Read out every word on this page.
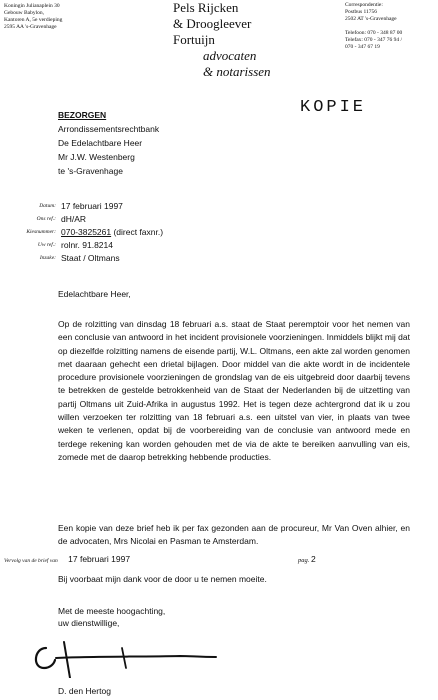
Koningin Julianaplein 30
Gebouw Babylon,
Kantoren A, 5e verdieping
2595 AA 's-Gravenhage
Pels Rijcken
& Droogleever
Fortuijn
advocaten
& notarissen
Correspondentie:
Postbus 11756
2502 AT 's-Gravenhage
Telefoon: 070 - 348 87 00
Telefax: 070 - 347 76 94 /
070 - 347 67 19
KOPIE
BEZORGEN
Arrondissementsrechtbank
De Edelachtbare Heer
Mr J.W. Westenberg
te 's-Gravenhage
Datum: 17 februari 1997
Ons ref.: dH/AR
Kiesnummer: 070-3825261 (direct faxnr.)
Uw ref.: rolnr. 91.8214
Inzake: Staat / Oltmans
Edelachtbare Heer,
Op de rolzitting van dinsdag 18 februari a.s. staat de Staat peremptoir voor het nemen van een conclusie van antwoord in het incident provisionele voorzieningen. Inmiddels blijkt mij dat op diezelfde rolzitting namens de eisende partij, W.L. Oltmans, een akte zal worden genomen met daaraan gehecht een drietal bijlagen. Door middel van die akte wordt in de incidentele procedure provisionele voorzieningen de grondslag van de eis uitgebreid door daarbij tevens te betrekken de gestelde betrokkenheid van de Staat der Nederlanden bij de uitzetting van partij Oltmans uit Zuid-Afrika in augustus 1992. Het is tegen deze achtergrond dat ik u zou willen verzoeken ter rolzitting van 18 februari a.s. een uitstel van vier, in plaats van twee weken te verlenen, opdat bij de voorbereiding van de conclusie van antwoord mede en terdege rekening kan worden gehouden met de via de akte te bereiken aanvulling van eis, zomede met de daarop betrekking hebbende producties.
Een kopie van deze brief heb ik per fax gezonden aan de procureur, Mr Van Oven alhier, en de advocaten, Mrs Nicolai en Pasman te Amsterdam.
Vervolg van de brief van 17 februari 1997	pag. 2
Bij voorbaat mijn dank voor de door u te nemen moeite.
Met de meeste hoogachting,
uw dienstwillige,
D. den Hertog
